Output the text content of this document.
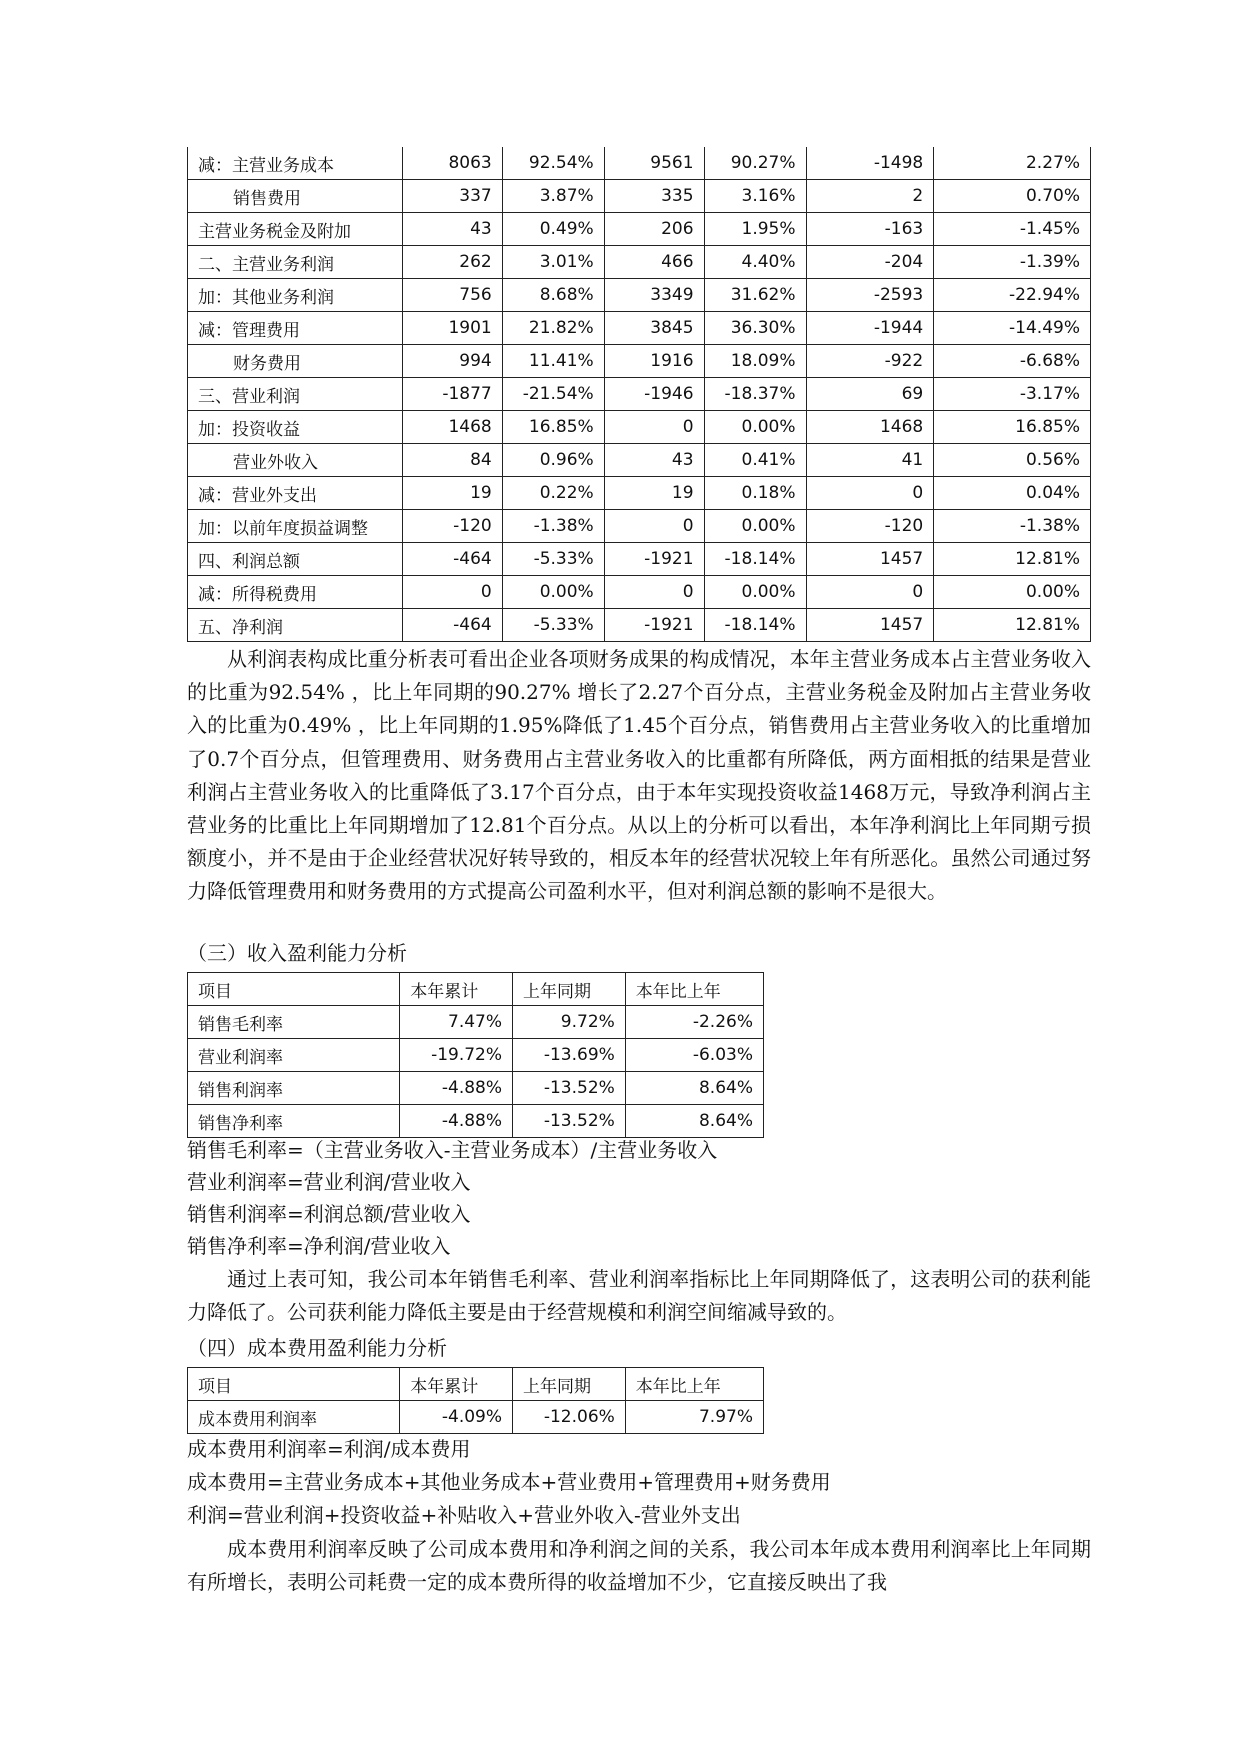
减：主营业务成本	8063	92.54%	9561	90.27%	-1498	2.27%
销售费用	337	3.87%	335	3.16%	2	0.70%
主营业务税金及附加	43	0.49%	206	1.95%	-163	-1.45%
二、主营业务利润	262	3.01%	466	4.40%	-204	-1.39%
加：其他业务利润	756	8.68%	3349	31.62%	-2593	-22.94%
减：管理费用	1901	21.82%	3845	36.30%	-1944	-14.49%
财务费用	994	11.41%	1916	18.09%	-922	-6.68%
三、营业利润	-1877	-21.54%	-1946	-18.37%	69	-3.17%
加：投资收益	1468	16.85%	0	0.00%	1468	16.85%
营业外收入	84	0.96%	43	0.41%	41	0.56%
减：营业外支出	19	0.22%	19	0.18%	0	0.04%
加：以前年度损益调整	-120	-1.38%	0	0.00%	-120	-1.38%
四、利润总额	-464	-5.33%	-1921	-18.14%	1457	12.81%
减：所得税费用	0	0.00%	0	0.00%	0	0.00%
五、净利润	-464	-5.33%	-1921	-18.14%	1457	12.81%
从利润表构成比重分析表可看出企业各项财务成果的构成情况，本年主营业务成本占主营业务收入的比重为92.54% ，比上年同期的90.27% 增长了2.27个百分点，主营业务税金及附加占主营业务收入的比重为0.49% ，比上年同期的1.95%降低了1.45个百分点，销售费用占主营业务收入的比重增加了0.7个百分点，但管理费用、财务费用占主营业务收入的比重都有所降低，两方面相抵的结果是营业利润占主营业务收入的比重降低了3.17个百分点，由于本年实现投资收益1468万元，导致净利润占主营业务的比重比上年同期增加了12.81个百分点。从以上的分析可以看出，本年净利润比上年同期亏损额度小，并不是由于企业经营状况好转导致的，相反本年的经营状况较上年有所恶化。虽然公司通过努力降低管理费用和财务费用的方式提高公司盈利水平，但对利润总额的影响不是很大。
（三）收入盈利能力分析
项目	本年累计	上年同期	本年比上年
销售毛利率	7.47%	9.72%	-2.26%
营业利润率	-19.72%	-13.69%	-6.03%
销售利润率	-4.88%	-13.52%	8.64%
销售净利率	-4.88%	-13.52%	8.64%
销售毛利率=（主营业务收入-主营业务成本）/主营业务收入
营业利润率=营业利润/营业收入
销售利润率=利润总额/营业收入
销售净利率=净利润/营业收入
通过上表可知，我公司本年销售毛利率、营业利润率指标比上年同期降低了，这表明公司的获利能力降低了。公司获利能力降低主要是由于经营规模和利润空间缩减导致的。
（四）成本费用盈利能力分析
项目	本年累计	上年同期	本年比上年
成本费用利润率	-4.09%	-12.06%	7.97%
成本费用利润率=利润/成本费用
成本费用=主营业务成本+其他业务成本+营业费用+管理费用+财务费用
利润=营业利润+投资收益+补贴收入+营业外收入-营业外支出
成本费用利润率反映了公司成本费用和净利润之间的关系，我公司本年成本费用利润率比上年同期有所增长，表明公司耗费一定的成本费所得的收益增加不少，它直接反映出了我
